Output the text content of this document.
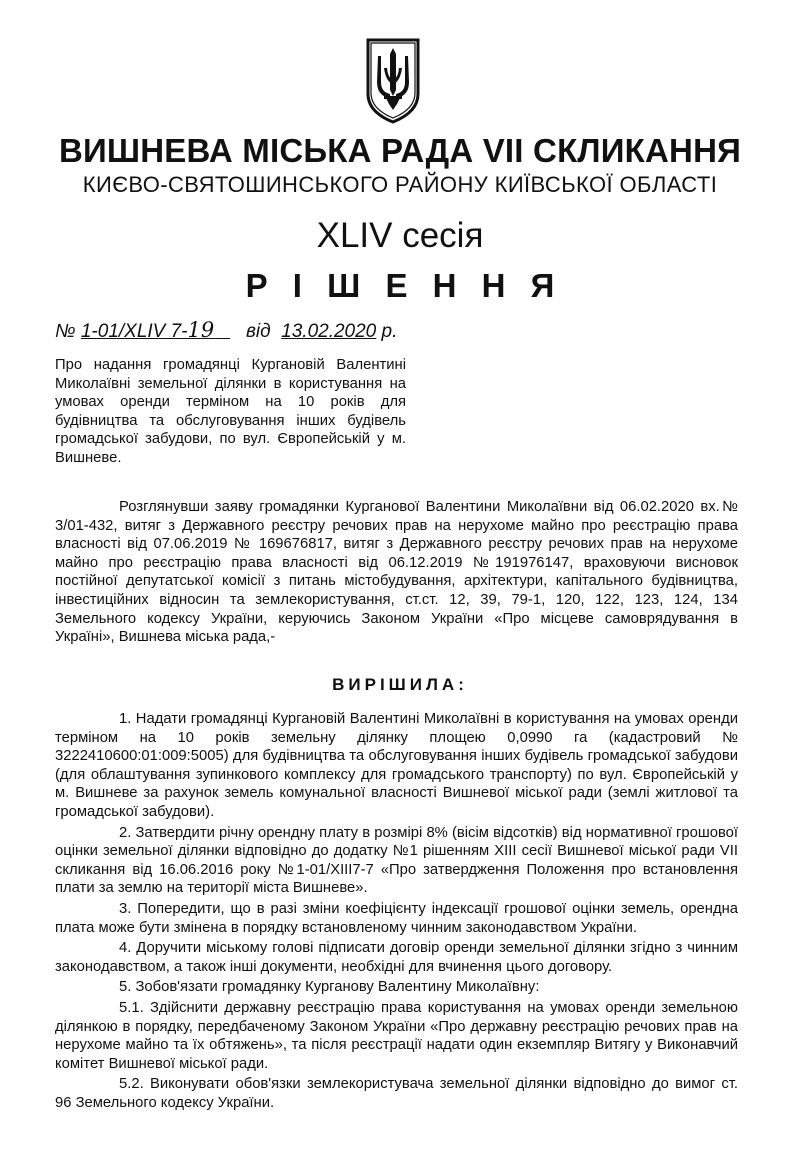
ВИШНЕВА МІСЬКА РАДА VII СКЛИКАННЯ
КИЄВО-СВЯТОШИНСЬКОГО РАЙОНУ КИЇВСЬКОЇ ОБЛАСТІ
XLIV сесія
Р І Ш Е Н Н Я
№ 1-01/XLIV 7-19 від 13.02.2020 р.
Про надання громадянці Кургановій Валентині Миколаївні земельної ділянки в користування на умовах оренди терміном на 10 років для будівництва та обслуговування інших будівель громадської забудови, по вул. Європейській у м. Вишневе.

Розглянувши заяву громадянки Курганової Валентини Миколаївни від 06.02.2020 вх.№ 3/01-432, витяг з Державного реєстру речових прав на нерухоме майно про реєстрацію права власності від 07.06.2019 № 169676817, витяг з Державного реєстру речових прав на нерухоме майно про реєстрацію права власності від 06.12.2019 №191976147, враховуючи висновок постійної депутатської комісії з питань містобудування, архітектури, капітального будівництва, інвестиційних відносин та землекористування, ст.ст. 12, 39, 79-1, 120, 122, 123, 124, 134 Земельного кодексу України, керуючись Законом України «Про місцеве самоврядування в Україні», Вишнева міська рада,-

ВИРІШИЛА:

1. Надати громадянці Кургановій Валентині Миколаївні в користування на умовах оренди терміном на 10 років земельну ділянку площею 0,0990 га (кадастровий № 3222410600:01:009:5005) для будівництва та обслуговування інших будівель громадської забудови (для облаштування зупинкового комплексу для громадського транспорту) по вул. Європейській у м. Вишневе за рахунок земель комунальної власності Вишневої міської ради (землі житлової та громадської забудови).

2. Затвердити річну орендну плату в розмірі 8% (вісім відсотків) від нормативної грошової оцінки земельної ділянки відповідно до додатку №1 рішенням XIII сесії Вишневої міської ради VII скликання від 16.06.2016 року №1-01/XIII7-7 «Про затвердження Положення про встановлення плати за землю на території міста Вишневе».

3. Попередити, що в разі зміни коефіцієнту індексації грошової оцінки земель, орендна плата може бути змінена в порядку встановленому чинним законодавством України.

4. Доручити міському голові підписати договір оренди земельної ділянки згідно з чинним законодавством, а також інші документи, необхідні для вчинення цього договору.

5. Зобов'язати громадянку Курганову Валентину Миколаївну:

5.1. Здійснити державну реєстрацію права користування на умовах оренди земельною ділянкою в порядку, передбаченому Законом України «Про державну реєстрацію речових прав на нерухоме майно та їх обтяжень», та після реєстрації надати один екземпляр Витягу у Виконавчий комітет Вишневої міської ради.

5.2. Виконувати обов'язки землекористувача земельної ділянки відповідно до вимог ст. 96 Земельного кодексу України.
